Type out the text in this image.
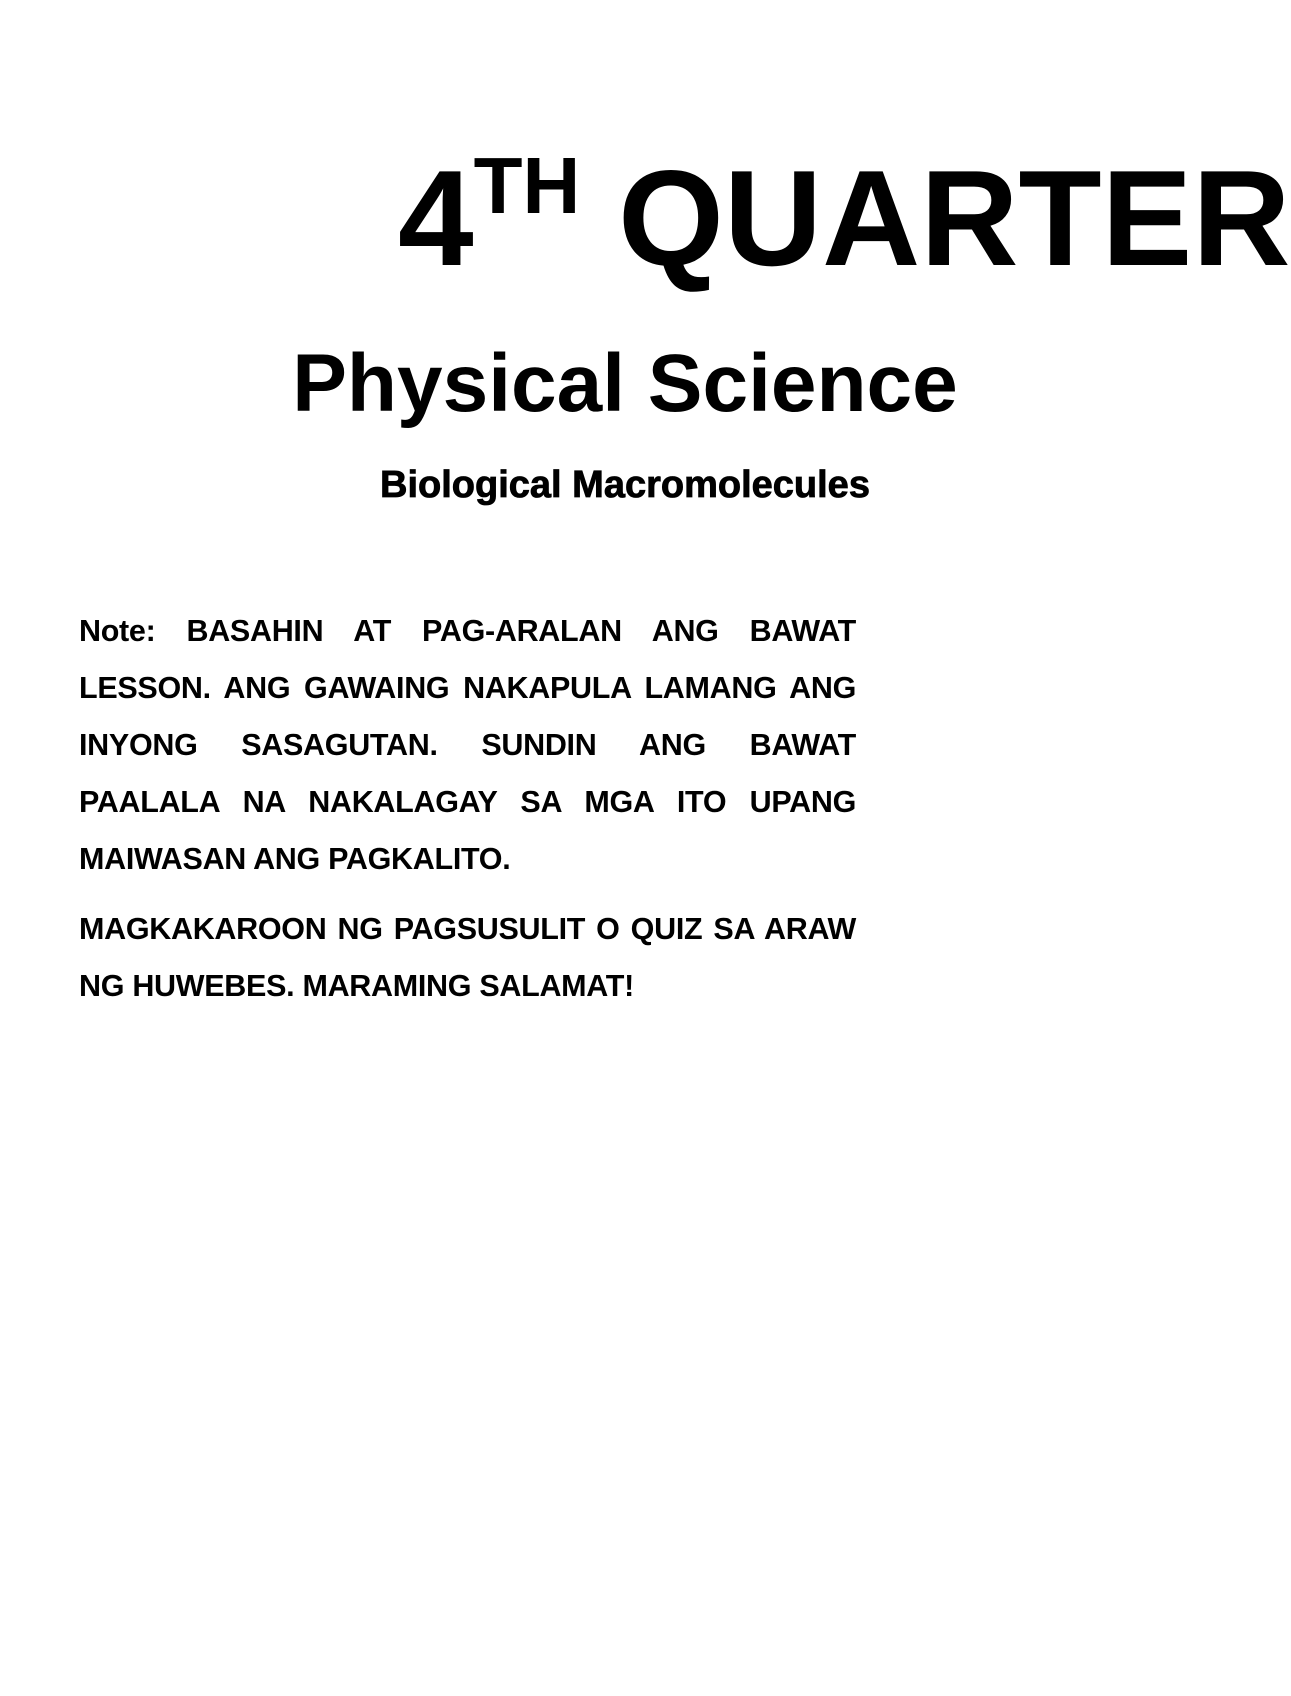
4TH QUARTER
Physical Science
Biological Macromolecules

Note: BASAHIN AT PAG-ARALAN ANG BAWAT LESSON. ANG GAWAING NAKAPULA LAMANG ANG INYONG SASAGUTAN. SUNDIN ANG BAWAT PAALALA NA NAKALAGAY SA MGA ITO UPANG MAIWASAN ANG PAGKALITO.

MAGKAKAROON NG PAGSUSULIT O QUIZ SA ARAW NG HUWEBES. MARAMING SALAMAT!
